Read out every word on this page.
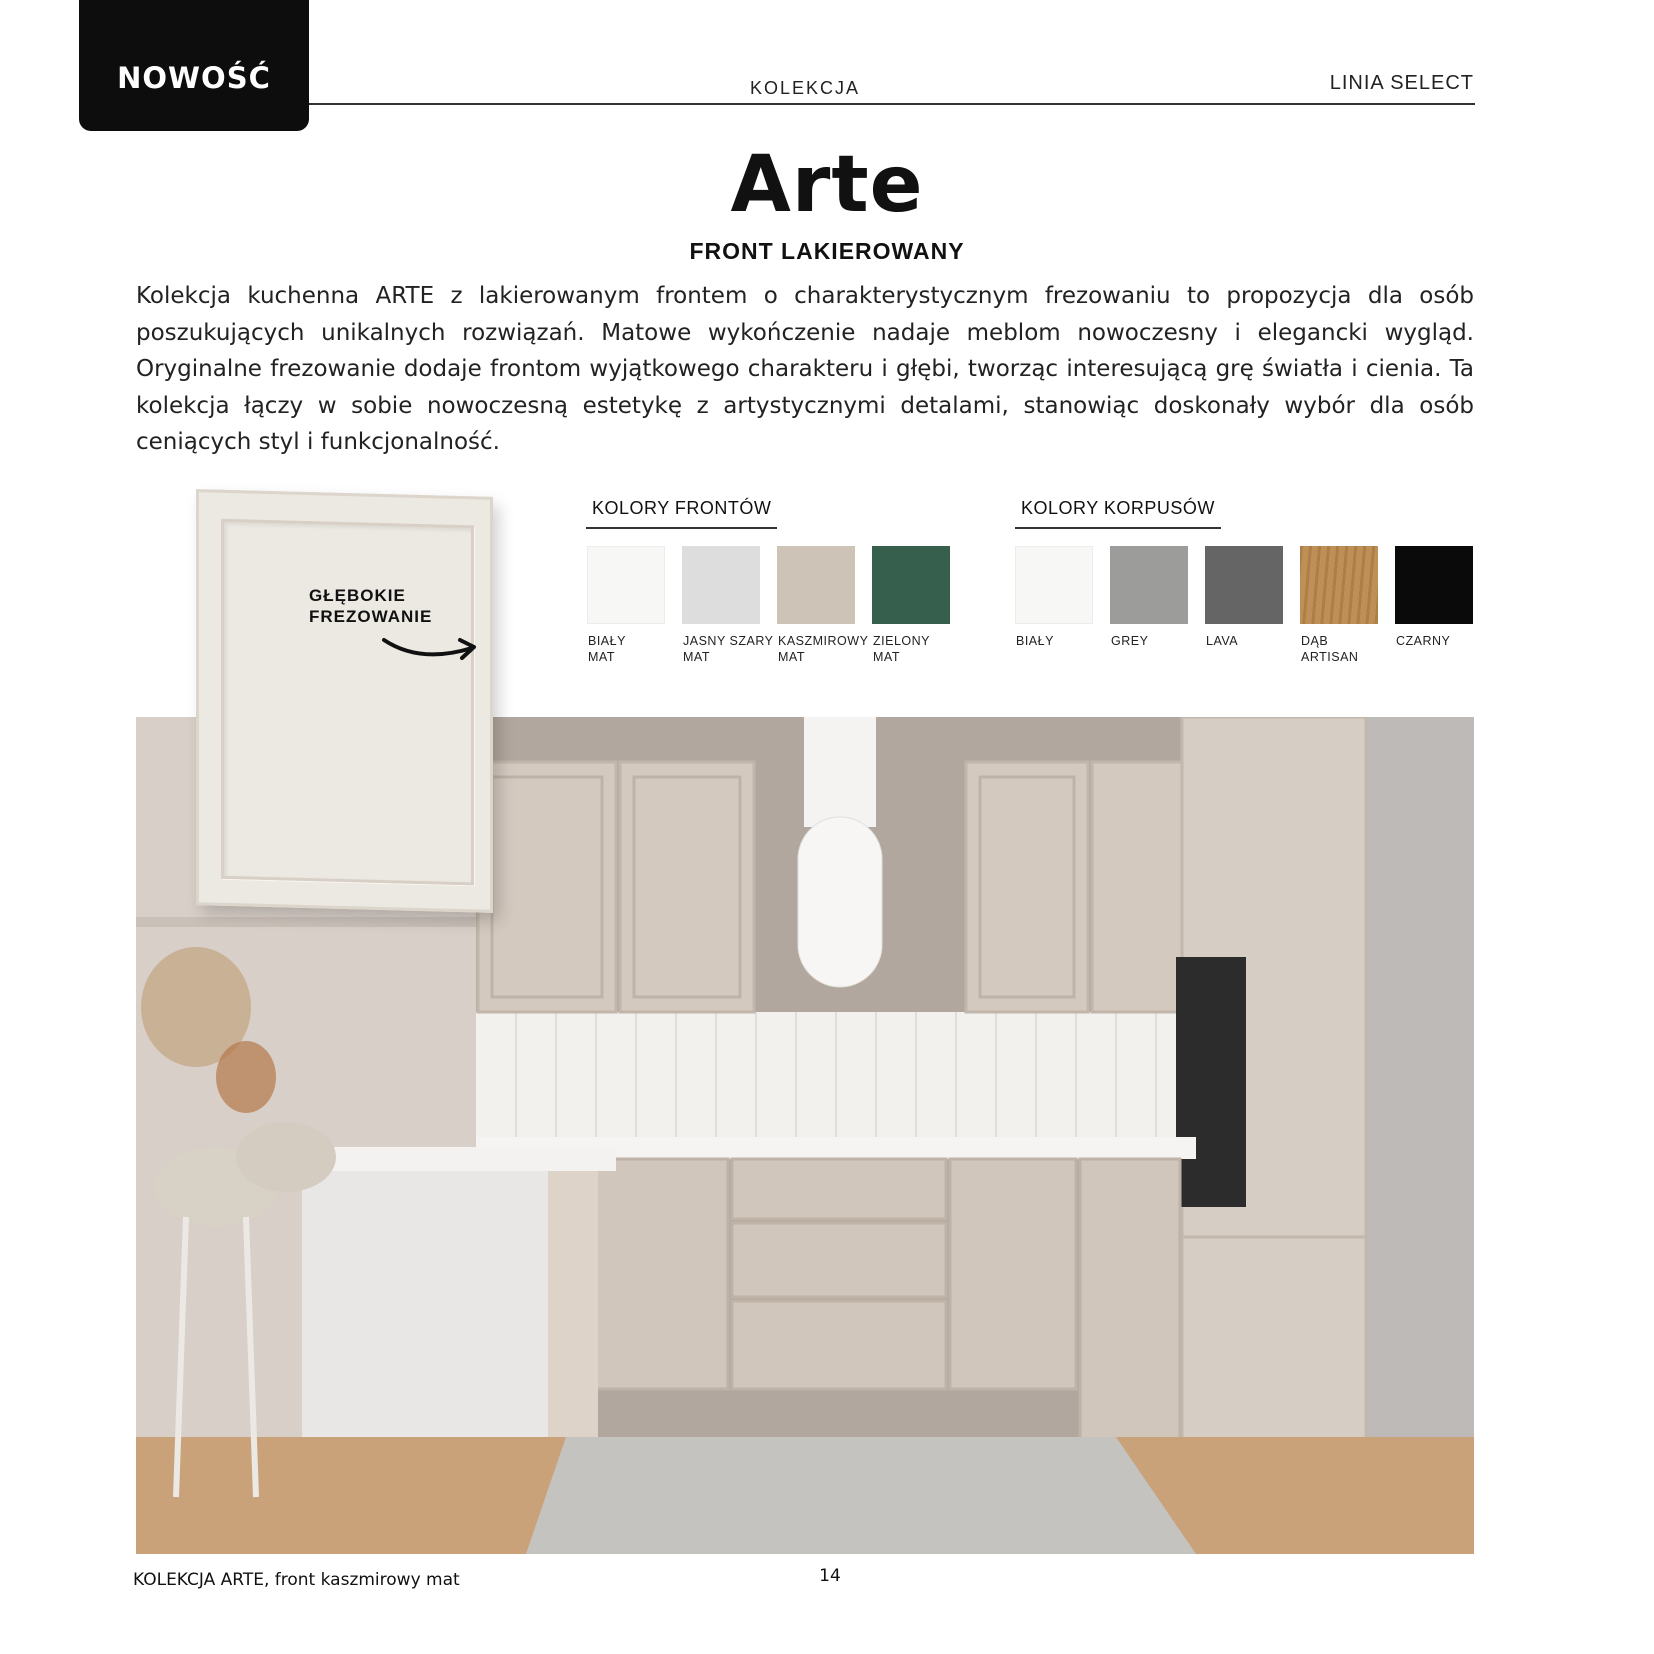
NOWOŚĆ	KOLEKCJA	LINIA SELECT
Arte
FRONT LAKIEROWANY

Kolekcja kuchenna ARTE z lakierowanym frontem o charakterystycznym frezowaniu to propozycja dla osób poszukujących unikalnych rozwiązań. Matowe wykończenie nadaje meblom nowoczesny i elegancki wygląd. Oryginalne frezowanie dodaje frontom wyjątkowego charakteru i głębi, tworząc interesującą grę światła i cienia. Ta kolekcja łączy w sobie nowoczesną estetykę z artystycznymi detalami, stanowiąc doskonały wybór dla osób ceniących styl i funkcjonalność.

GŁĘBOKIE
FREZOWANIE
KOLORY FRONTÓW
BIAŁY
MAT
JASNY SZARY
MAT
KASZMIROWY
MAT
ZIELONY
MAT
KOLORY KORPUSÓW
BIAŁY	GREY	LAVA	DĄB
ARTISAN
CZARNY
KOLEKCJA ARTE, front kaszmirowy mat	14
